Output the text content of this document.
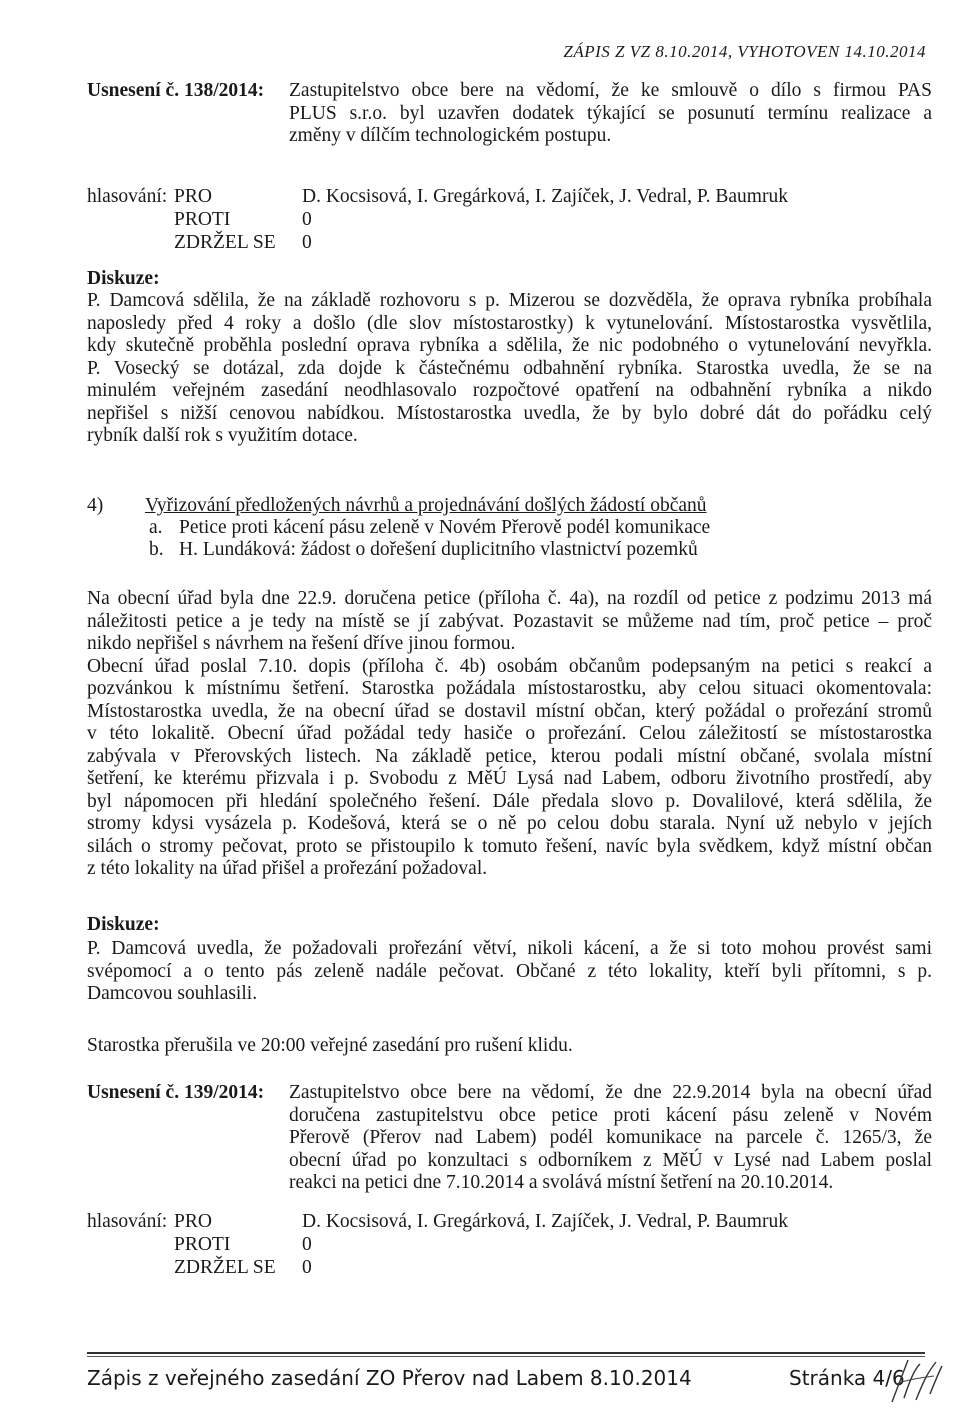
ZÁPIS Z VZ 8.10.2014, VYHOTOVEN 14.10.2014
Usnesení č. 138/2014: Zastupitelstvo obce bere na vědomí, že ke smlouvě o dílo s firmou PAS
PLUS s.r.o. byl uzavřen dodatek týkající se posunutí termínu realizace a
změny v dílčím technologickém postupu.
hlasování: PRO	D. Kocsisová, I. Gregárková, I. Zajíček, J. Vedral, P. Baumruk
PROTI	0
ZDRŽEL SE 0
Diskuze:
P. Damcová sdělila, že na základě rozhovoru s p. Mizerou se dozvěděla, že oprava rybníka probíhala
naposledy před 4 roky a došlo (dle slov místostarostky) k vytunelování. Místostarostka vysvětlila,
kdy skutečně proběhla poslední oprava rybníka a sdělila, že nic podobného o vytunelování nevyřkla.
P. Vosecký se dotázal, zda dojde k částečnému odbahnění rybníka. Starostka uvedla, že se na
minulém veřejném zasedání neodhlasovalo rozpočtové opatření na odbahnění rybníka a nikdo
nepřišel s nižší cenovou nabídkou. Místostarostka uvedla, že by bylo dobré dát do pořádku celý
rybník další rok s využitím dotace.
4) Vyřizování předložených návrhů a projednávání došlých žádostí občanů
a. Petice proti kácení pásu zeleně v Novém Přerově podél komunikace
b. H. Lundáková: žádost o dořešení duplicitního vlastnictví pozemků
Na obecní úřad byla dne 22.9. doručena petice (příloha č. 4a), na rozdíl od petice z podzimu 2013 má
náležitosti petice a je tedy na místě se jí zabývat. Pozastavit se můžeme nad tím, proč petice – proč
nikdo nepřišel s návrhem na řešení dříve jinou formou.
Obecní úřad poslal 7.10. dopis (příloha č. 4b) osobám občanům podepsaným na petici s reakcí a
pozvánkou k místnímu šetření. Starostka požádala místostarostku, aby celou situaci okomentovala:
Místostarostka uvedla, že na obecní úřad se dostavil místní občan, který požádal o prořezání stromů
v této lokalitě. Obecní úřad požádal tedy hasiče o prořezání. Celou záležitostí se místostarostka
zabývala v Přerovských listech. Na základě petice, kterou podali místní občané, svolala místní
šetření, ke kterému přizvala i p. Svobodu z MěÚ Lysá nad Labem, odboru životního prostředí, aby
byl nápomocen při hledání společného řešení. Dále předala slovo p. Dovalilové, která sdělila, že
stromy kdysi vysázela p. Kodešová, která se o ně po celou dobu starala. Nyní už nebylo v jejích
silách o stromy pečovat, proto se přistoupilo k tomuto řešení, navíc byla svědkem, když místní občan
z této lokality na úřad přišel a prořezání požadoval.
Diskuze:
P. Damcová uvedla, že požadovali prořezání větví, nikoli kácení, a že si toto mohou provést sami
svépomocí a o tento pás zeleně nadále pečovat. Občané z této lokality, kteří byli přítomni, s p.
Damcovou souhlasili.
Starostka přerušila ve 20:00 veřejné zasedání pro rušení klidu.
Usnesení č. 139/2014: Zastupitelstvo obce bere na vědomí, že dne 22.9.2014 byla na obecní úřad
doručena zastupitelstvu obce petice proti kácení pásu zeleně v Novém
Přerově (Přerov nad Labem) podél komunikace na parcele č. 1265/3, že
obecní úřad po konzultaci s odborníkem z MěÚ v Lysé nad Labem poslal
reakci na petici dne 7.10.2014 a svolává místní šetření na 20.10.2014.
hlasování: PRO	D. Kocsisová, I. Gregárková, I. Zajíček, J. Vedral, P. Baumruk
PROTI	0
ZDRŽEL SE 0
Zápis z veřejného zasedání ZO Přerov nad Labem 8.10.2014	Stránka 4/6
